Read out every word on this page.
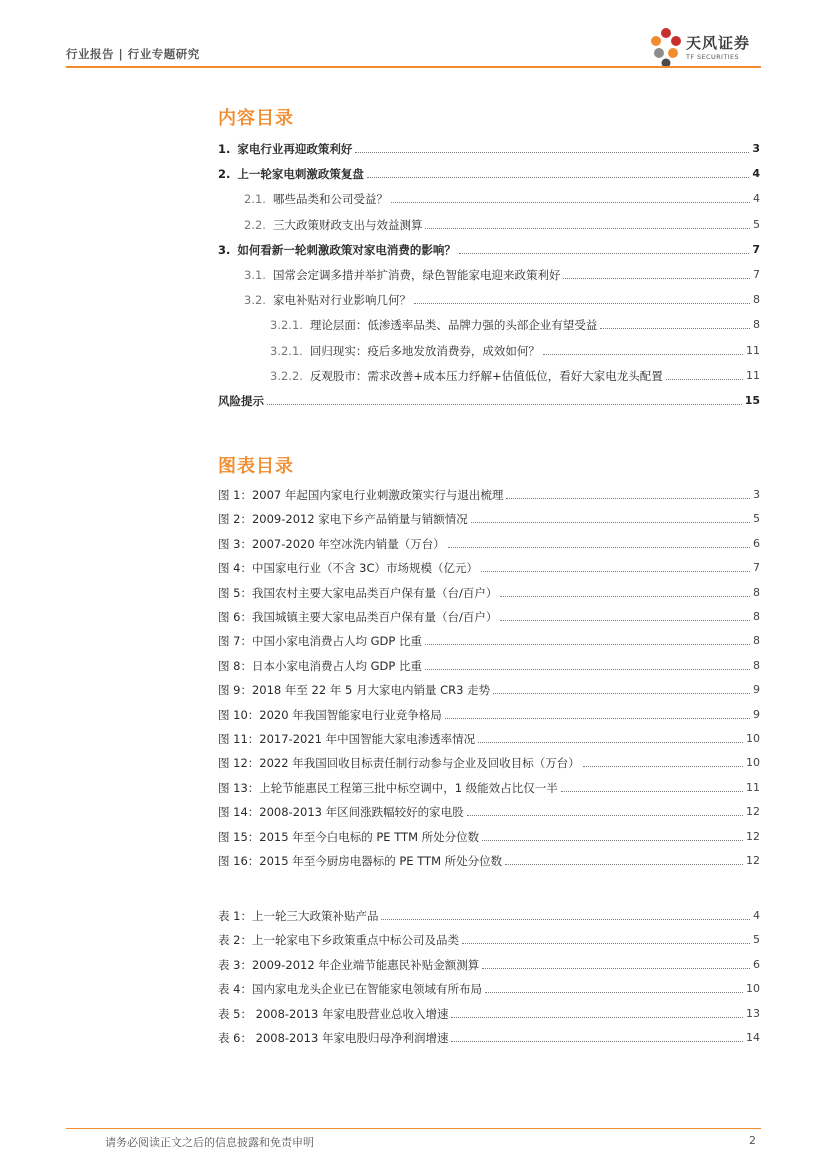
行业报告 | 行业专题研究
天风证券
TF SECURITIES
内容目录
图表目录
1. 家电行业再迎政策利好	3
2. 上一轮家电刺激政策复盘	4
2.1. 哪些品类和公司受益？	4
2.2. 三大政策财政支出与效益测算	5
3. 如何看新一轮刺激政策对家电消费的影响？	7
3.1. 国常会定调多措并举扩消费，绿色智能家电迎来政策利好	7
3.2. 家电补贴对行业影响几何？	8
3.2.1. 理论层面：低渗透率品类、品牌力强的头部企业有望受益	8
3.2.1. 回归现实：疫后多地发放消费券，成效如何？	11
3.2.2. 反观股市：需求改善+成本压力纾解+估值低位，看好大家电龙头配置	11
风险提示	15
图 1：2007 年起国内家电行业刺激政策实行与退出梳理	3
图 2：2009-2012 家电下乡产品销量与销额情况	5
图 3：2007-2020 年空冰洗内销量（万台）	6
图 4：中国家电行业（不含 3C）市场规模（亿元）	7
图 5：我国农村主要大家电品类百户保有量（台/百户）	8
图 6：我国城镇主要大家电品类百户保有量（台/百户）	8
图 7：中国小家电消费占人均 GDP 比重	8
图 8：日本小家电消费占人均 GDP 比重	8
图 9：2018 年至 22 年 5 月大家电内销量 CR3 走势	9
图 10：2020 年我国智能家电行业竞争格局	9
图 11：2017-2021 年中国智能大家电渗透率情况	10
图 12：2022 年我国回收目标责任制行动参与企业及回收目标（万台）	10
图 13：上轮节能惠民工程第三批中标空调中，1 级能效占比仅一半	11
图 14：2008-2013 年区间涨跌幅较好的家电股	12
图 15：2015 年至今白电标的 PE TTM 所处分位数	12
图 16：2015 年至今厨房电器标的 PE TTM 所处分位数	12
表 1：上一轮三大政策补贴产品	4
表 2：上一轮家电下乡政策重点中标公司及品类	5
表 3：2009-2012 年企业端节能惠民补贴金额测算	6
表 4：国内家电龙头企业已在智能家电领域有所布局	10
表 5： 2008-2013 年家电股营业总收入增速	13
表 6： 2008-2013 年家电股归母净利润增速	14
请务必阅读正文之后的信息披露和免责申明	2
